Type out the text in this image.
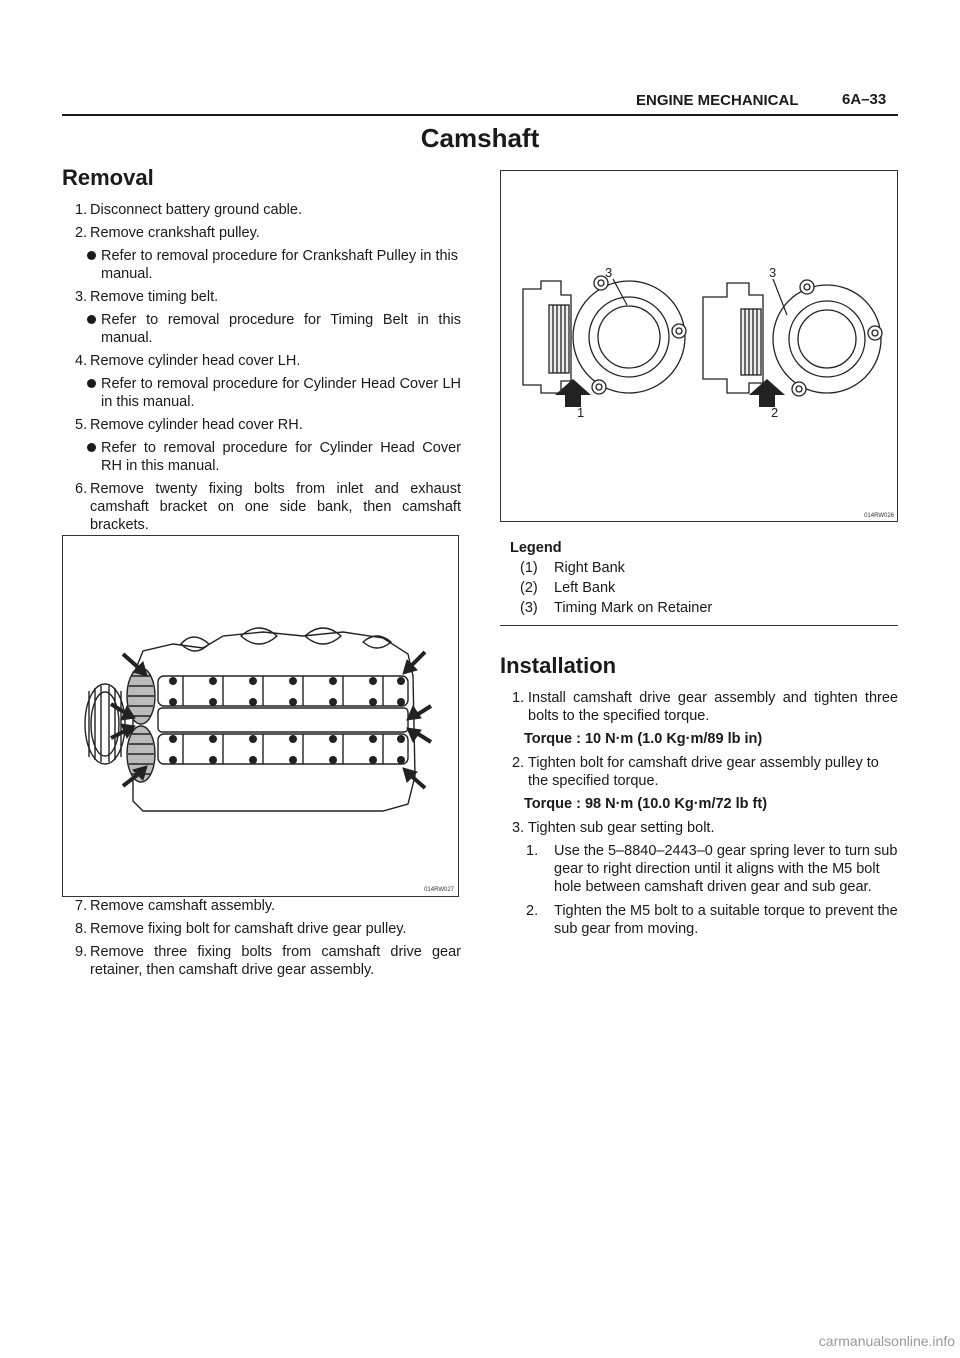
ENGINE MECHANICAL	6A–33
Camshaft
Removal
1. Disconnect battery ground cable.
2. Remove crankshaft pulley.
Refer to removal procedure for Crankshaft Pulley in this manual.
3. Remove timing belt.
Refer to removal procedure for Timing Belt in this manual.
4. Remove cylinder head cover LH.
Refer to removal procedure for Cylinder Head Cover LH in this manual.
5. Remove cylinder head cover RH.
Refer to removal procedure for Cylinder Head Cover RH in this manual.
6. Remove twenty fixing bolts from inlet and exhaust camshaft bracket on one side bank, then camshaft brackets.
014RW027
7. Remove camshaft assembly.
8. Remove fixing bolt for camshaft drive gear pulley.
9. Remove three fixing bolts from camshaft drive gear retainer, then camshaft drive gear assembly.
3	3
1	2
014RW026
Legend
(1)	Right Bank
(2)	Left Bank
(3)	Timing Mark on Retainer
Installation
1. Install camshaft drive gear assembly and tighten three bolts to the specified torque.
Torque : 10 N·m (1.0 Kg·m/89 lb in)
2. Tighten bolt for camshaft drive gear assembly pulley to the specified torque.
Torque : 98 N·m (10.0 Kg·m/72 lb ft)
3. Tighten sub gear setting bolt.
1.	Use the 5–8840–2443–0 gear spring lever to turn sub gear to right direction until it aligns with the M5 bolt hole between camshaft driven gear and sub gear.
2.	Tighten the M5 bolt to a suitable torque to prevent the sub gear from moving.
carmanualsonline.info
